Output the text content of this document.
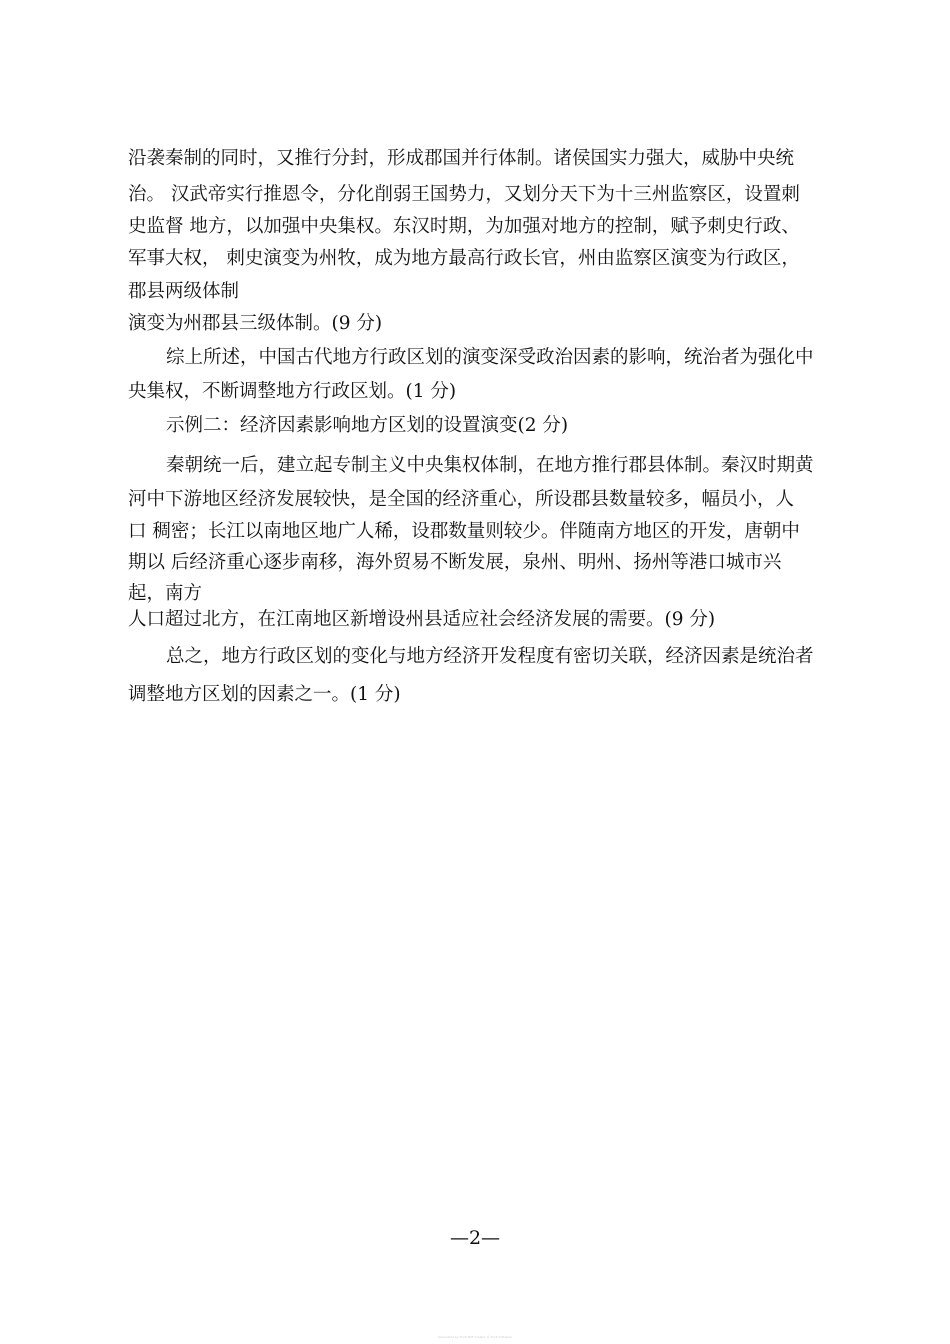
沿袭秦制的同时，又推行分封，形成郡国并行体制。诸侯国实力强大，威胁中央统
治。 汉武帝实行推恩令，分化削弱王国势力，又划分天下为十三州监察区，设置刺
史监督 地方，以加强中央集权。东汉时期，为加强对地方的控制，赋予刺史行政、
军事大权， 刺史演变为州牧，成为地方最高行政长官，州由监察区演变为行政区，
郡县两级体制
演变为州郡县三级体制。(9 分)
综上所述，中国古代地方行政区划的演变深受政治因素的影响，统治者为强化中
央集权，不断调整地方行政区划。(1 分)
示例二：经济因素影响地方区划的设置演变(2 分)
秦朝统一后，建立起专制主义中央集权体制，在地方推行郡县体制。秦汉时期黄
河中下游地区经济发展较快，是全国的经济重心，所设郡县数量较多，幅员小，人
口 稠密；长江以南地区地广人稀，设郡数量则较少。伴随南方地区的开发，唐朝中
期以 后经济重心逐步南移，海外贸易不断发展，泉州、明州、扬州等港口城市兴
起，南方
人口超过北方，在江南地区新增设州县适应社会经济发展的需要。(9 分)
总之，地方行政区划的变化与地方经济开发程度有密切关联，经济因素是统治者
调整地方区划的因素之一。(1 分)
—2—
Generated by Foxit PDF Creator © Foxit Software
